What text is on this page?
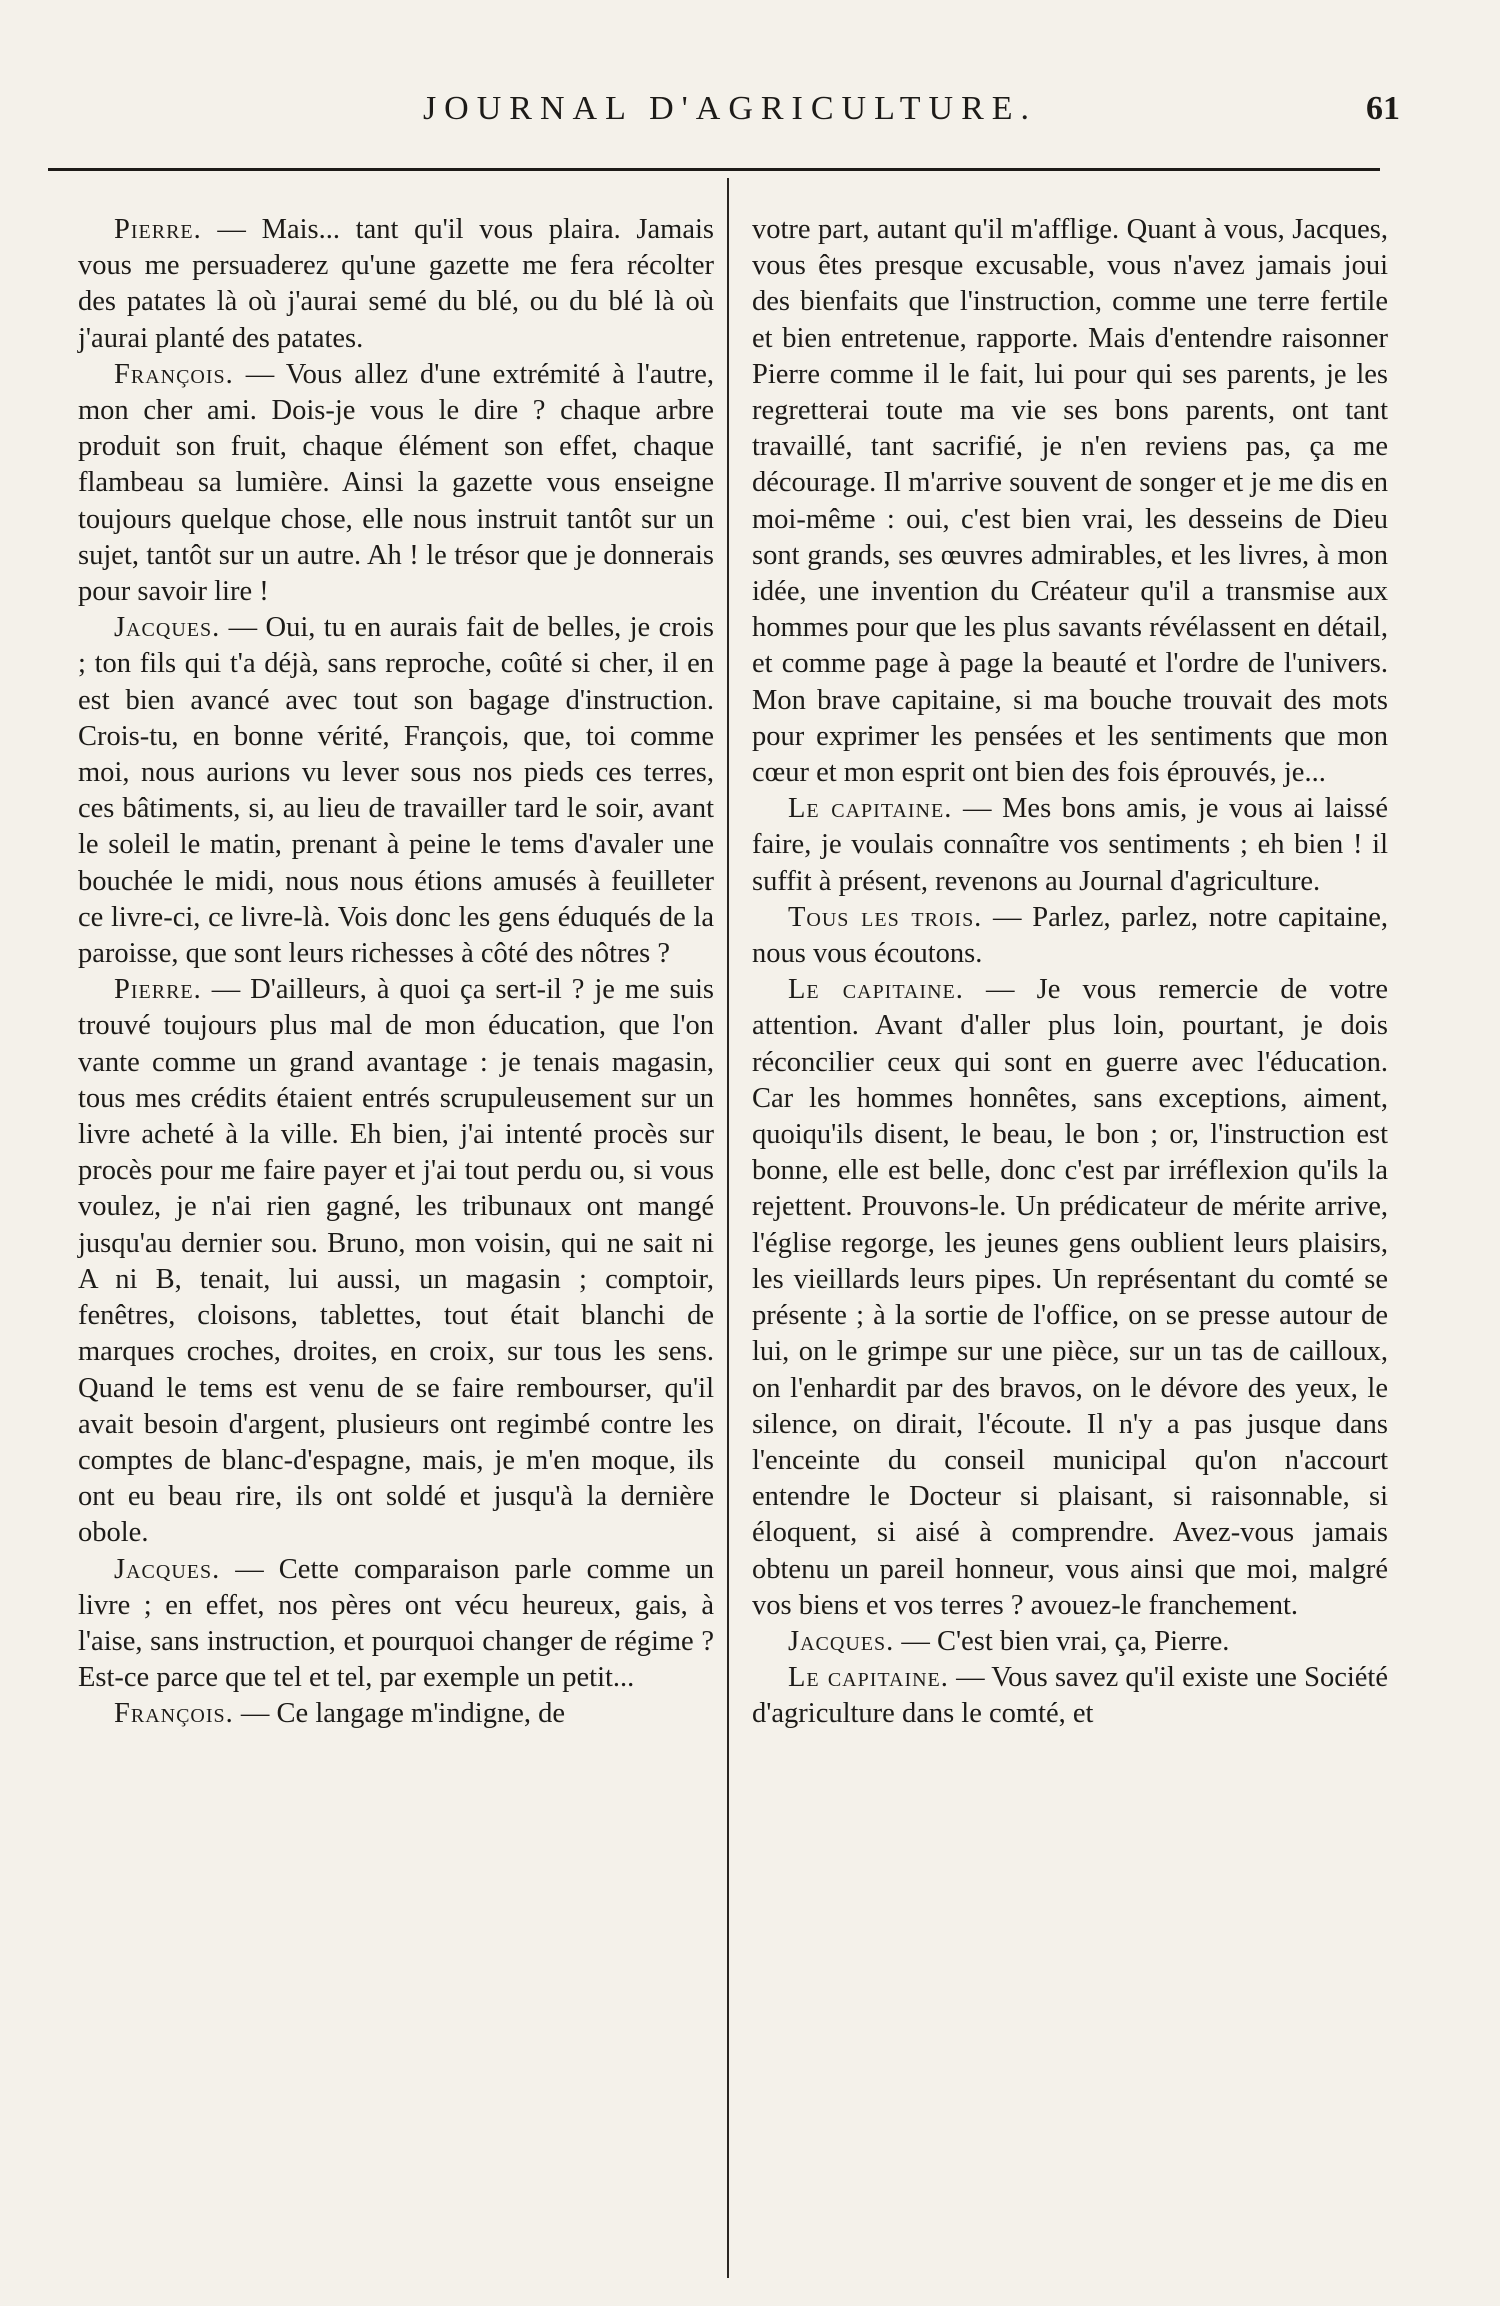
JOURNAL D'AGRICULTURE.	61

Pierre. — Mais... tant qu'il vous plaira. Jamais vous me persuaderez qu'une gazette me fera récolter des patates là où j'aurai semé du blé, ou du blé là où j'aurai planté des patates.

François. — Vous allez d'une extrémité à l'autre, mon cher ami. Dois-je vous le dire ? chaque arbre produit son fruit, chaque élément son effet, chaque flambeau sa lumière. Ainsi la gazette vous enseigne toujours quelque chose, elle nous instruit tantôt sur un sujet, tantôt sur un autre. Ah ! le trésor que je donnerais pour savoir lire !

Jacques. — Oui, tu en aurais fait de belles, je crois ; ton fils qui t'a déjà, sans reproche, coûté si cher, il en est bien avancé avec tout son bagage d'instruction. Crois-tu, en bonne vérité, François, que, toi comme moi, nous aurions vu lever sous nos pieds ces terres, ces bâtiments, si, au lieu de travailler tard le soir, avant le soleil le matin, prenant à peine le tems d'avaler une bouchée le midi, nous nous étions amusés à feuilleter ce livre-ci, ce livre-là. Vois donc les gens éduqués de la paroisse, que sont leurs richesses à côté des nôtres ?

Pierre. — D'ailleurs, à quoi ça sert-il ? je me suis trouvé toujours plus mal de mon éducation, que l'on vante comme un grand avantage : je tenais magasin, tous mes crédits étaient entrés scrupuleusement sur un livre acheté à la ville. Eh bien, j'ai intenté procès sur procès pour me faire payer et j'ai tout perdu ou, si vous voulez, je n'ai rien gagné, les tribunaux ont mangé jusqu'au dernier sou. Bruno, mon voisin, qui ne sait ni A ni B, tenait, lui aussi, un magasin ; comptoir, fenêtres, cloisons, tablettes, tout était blanchi de marques croches, droites, en croix, sur tous les sens. Quand le tems est venu de se faire rembourser, qu'il avait besoin d'argent, plusieurs ont regimbé contre les comptes de blanc-d'espagne, mais, je m'en moque, ils ont eu beau rire, ils ont soldé et jusqu'à la dernière obole.

Jacques. — Cette comparaison parle comme un livre ; en effet, nos pères ont vécu heureux, gais, à l'aise, sans instruction, et pourquoi changer de régime ? Est-ce parce que tel et tel, par exemple un petit...

François. — Ce langage m'indigne, de

votre part, autant qu'il m'afflige. Quant à vous, Jacques, vous êtes presque excusable, vous n'avez jamais joui des bienfaits que l'instruction, comme une terre fertile et bien entretenue, rapporte. Mais d'entendre raisonner Pierre comme il le fait, lui pour qui ses parents, je les regretterai toute ma vie ses bons parents, ont tant travaillé, tant sacrifié, je n'en reviens pas, ça me décourage. Il m'arrive souvent de songer et je me dis en moi-même : oui, c'est bien vrai, les desseins de Dieu sont grands, ses œuvres admirables, et les livres, à mon idée, une invention du Créateur qu'il a transmise aux hommes pour que les plus savants révélassent en détail, et comme page à page la beauté et l'ordre de l'univers. Mon brave capitaine, si ma bouche trouvait des mots pour exprimer les pensées et les sentiments que mon cœur et mon esprit ont bien des fois éprouvés, je...

Le capitaine. — Mes bons amis, je vous ai laissé faire, je voulais connaître vos sentiments ; eh bien ! il suffit à présent, revenons au Journal d'agriculture.

Tous les trois. — Parlez, parlez, notre capitaine, nous vous écoutons.

Le capitaine. — Je vous remercie de votre attention. Avant d'aller plus loin, pourtant, je dois réconcilier ceux qui sont en guerre avec l'éducation. Car les hommes honnêtes, sans exceptions, aiment, quoiqu'ils disent, le beau, le bon ; or, l'instruction est bonne, elle est belle, donc c'est par irréflexion qu'ils la rejettent. Prouvons-le. Un prédicateur de mérite arrive, l'église regorge, les jeunes gens oublient leurs plaisirs, les vieillards leurs pipes. Un représentant du comté se présente ; à la sortie de l'office, on se presse autour de lui, on le grimpe sur une pièce, sur un tas de cailloux, on l'enhardit par des bravos, on le dévore des yeux, le silence, on dirait, l'écoute. Il n'y a pas jusque dans l'enceinte du conseil municipal qu'on n'accourt entendre le Docteur si plaisant, si raisonnable, si éloquent, si aisé à comprendre. Avez-vous jamais obtenu un pareil honneur, vous ainsi que moi, malgré vos biens et vos terres ? avouez-le franchement.

Jacques. — C'est bien vrai, ça, Pierre.

Le capitaine. — Vous savez qu'il existe une Société d'agriculture dans le comté, et
